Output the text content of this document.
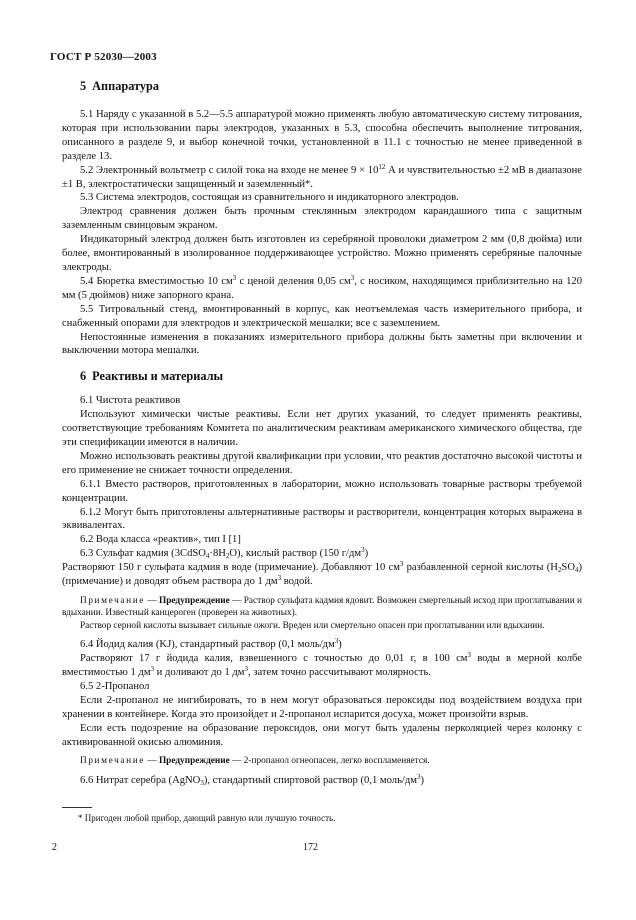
ГОСТ Р 52030—2003
5 Аппаратура

5.1 Наряду с указанной в 5.2—5.5 аппаратурой можно применять любую автоматическую систему титрования, которая при использовании пары электродов, указанных в 5.3, способна обеспечить выполнение титрования, описанного в разделе 9, и выбор конечной точки, установленной в 11.1 с точностью не менее приведенной в разделе 13.

5.2 Электронный вольтметр с силой тока на входе не менее $9 \times 10^{12}$ А и чувствительностью ±2 мВ в диапазоне ±1 В, электростатически защищенный и заземленный*.

5.3 Система электродов, состоящая из сравнительного и индикаторного электродов.

Электрод сравнения должен быть прочным стеклянным электродом карандашного типа с защитным заземленным свинцовым экраном.

Индикаторный электрод должен быть изготовлен из серебряной проволоки диаметром 2 мм (0,8 дюйма) или более, вмонтированный в изолированное поддерживающее устройство. Можно применять серебряные палочные электроды.

5.4 Бюретка вместимостью 10 $см^3$ с ценой деления 0,05 $см^3$, с носиком, находящимся приблизительно на 120 мм (5 дюймов) ниже запорного крана.

5.5 Титровальный стенд, вмонтированный в корпус, как неотъемлемая часть измерительного прибора, и снабженный опорами для электродов и электрической мешалки; все с заземлением.

Непостоянные изменения в показаниях измерительного прибора должны быть заметны при включении и выключении мотора мешалки.

6 Реактивы и материалы

6.1 Чистота реактивов

Используют химически чистые реактивы. Если нет других указаний, то следует применять реактивы, соответствующие требованиям Комитета по аналитическим реактивам американского химического общества, где эти спецификации имеются в наличии.

Можно использовать реактивы другой квалификации при условии, что реактив достаточно высокой чистоты и его применение не снижает точности определения.

6.1.1 Вместо растворов, приготовленных в лаборатории, можно использовать товарные растворы требуемой концентрации.

6.1.2 Могут быть приготовлены альтернативные растворы и растворители, концентрация которых выражена в эквивалентах.

6.2 Вода класса «реактив», тип I [1]

6.3 Сульфат кадмия $(3CdSO_4\cdot 8H_2O)$, кислый раствор (150 $г/дм^3$)

Растворяют 150 г сульфата кадмия в воде (примечание). Добавляют 10 $см^3$ разбавленной серной кислоты $(H_2SO_4)$ (примечание) и доводят объем раствора до 1 $дм^3$ водой.

Примечание — Предупреждение — Раствор сульфата кадмия ядовит. Возможен смертельный исход при проглатывании и вдыхании. Известный канцероген (проверен на животных).

Раствор серной кислоты вызывает сильные ожоги. Вреден или смертельно опасен при проглатывании или вдыхании.

6.4 Йодид калия (KJ), стандартный раствор (0,1 моль/$дм^3$)

Растворяют 17 г йодида калия, взвешенного с точностью до 0,01 г, в 100 $см^3$ воды в мерной колбе вместимостью 1 $дм^3$ и доливают до 1 $дм^3$, затем точно рассчитывают молярность.

6.5 2-Пропанол

Если 2-пропанол не ингибировать, то в нем могут образоваться пероксиды под воздействием воздуха при хранении в контейнере. Когда это произойдет и 2-пропанол испарится досуха, может произойти взрыв.

Если есть подозрение на образование пероксидов, они могут быть удалены перколяцией через колонку с активированной окисью алюминия.

Примечание — Предупреждение — 2-пропанол огнеопасен, легко воспламеняется.

6.6 Нитрат серебра (AgNO$_3$), стандартный спиртовой раствор (0,1 моль/$дм^3$)

* Пригоден любой прибор, дающий равную или лучшую точность.
2	172
